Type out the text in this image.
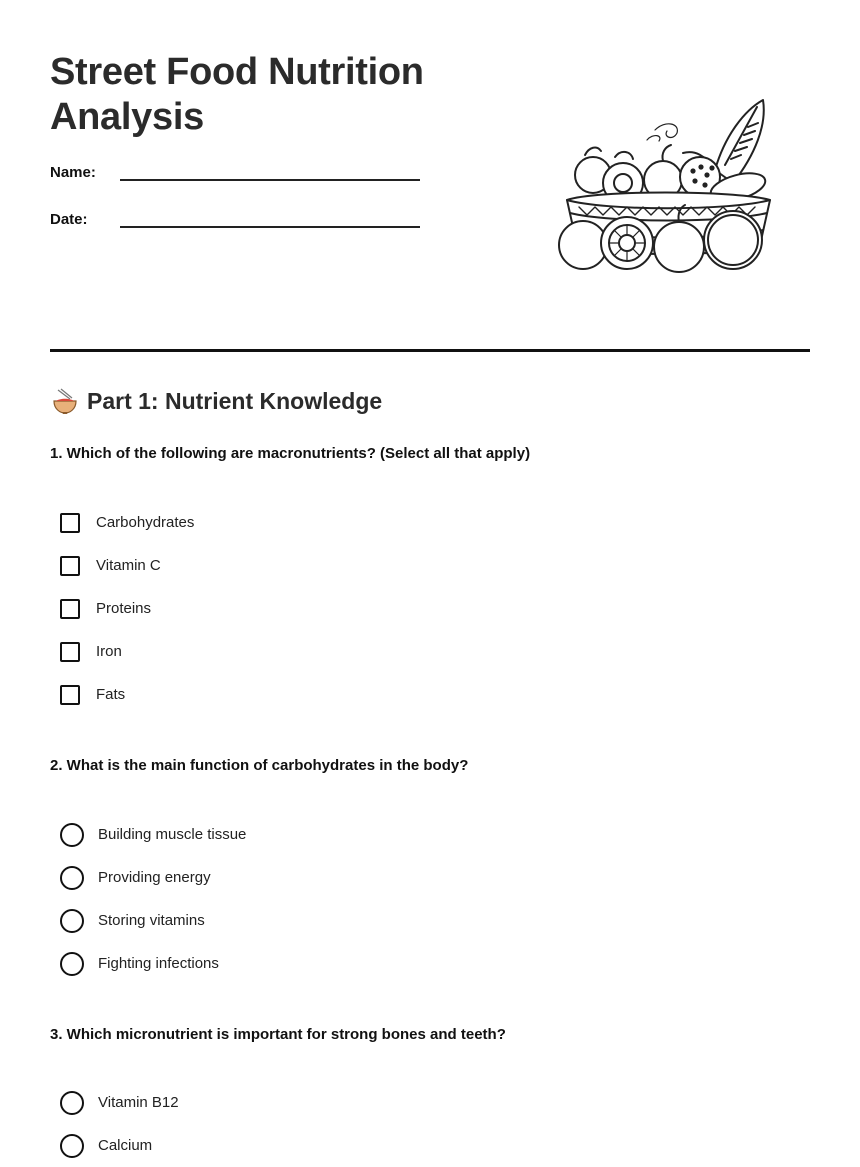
Street Food Nutrition Analysis
Name:
Date:
Part 1: Nutrient Knowledge

1. Which of the following are macronutrients? (Select all that apply)

Carbohydrates
Vitamin C
Proteins
Iron
Fats

2. What is the main function of carbohydrates in the body?

Building muscle tissue
Providing energy
Storing vitamins
Fighting infections

3. Which micronutrient is important for strong bones and teeth?

Vitamin B12
Calcium
